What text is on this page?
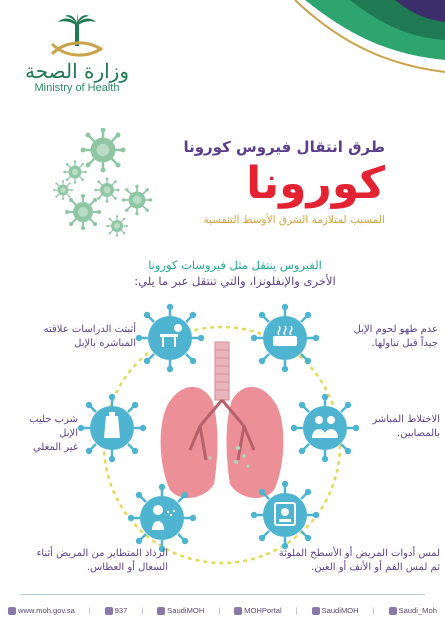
وزارة الصحة
Ministry of Health
طرق انتقال فيروس كورونا
كورونا
المسبب لمتلازمة الشرق الأوسط التنفسية
الفيروس ينتقل مثل فيروسات كورونا
الأخرى والإنفلونزا، والتي تنتقل عبر ما يلي:
أثبتت الدراسات علاقته
المباشره بالإبل
عدم طهو لحوم الإبل
جيداً قبل تناولها.
شرب حليب الإبل
غير المغلي
الاختلاط المباشر
بالمصابين.
الرذاذ المتطاير من المريض أثناء
السعال أو العطاس.
لمس أدوات المريض أو الأسطح الملوثة
ثم لمس الفم أو الأنف أو العين.
www.moh.gov.sa |	937 |	SaudiMOH |	MOHPortal |	SaudiMOH |	Saudi_Moh
